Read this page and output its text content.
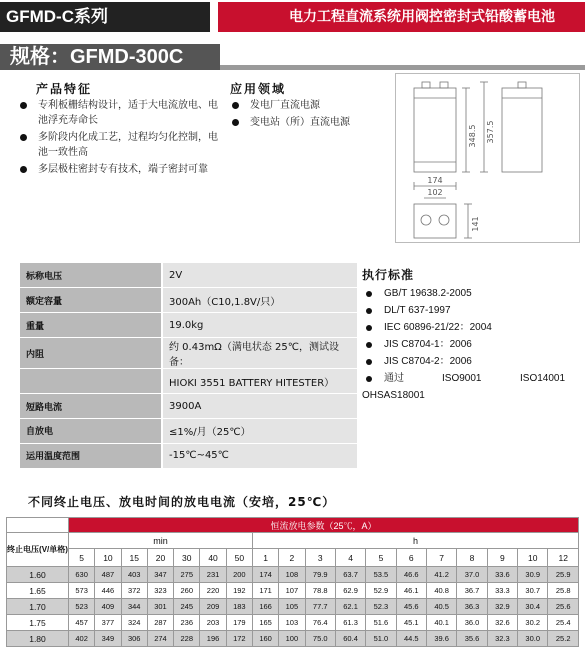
GFMD-C系列	电力工程直流系统用阀控密封式铅酸蓄电池
规格：GFMD-300C
产品特征
专利板栅结构设计，适于大电流放电、电池浮充寿命长
多阶段内化成工艺，过程均匀化控制，电池一致性高
多层极柱密封专有技术，端子密封可靠
应用领域
发电厂直流电源
变电站（所）直流电源
348.5 357.5
174
102
141
标称电压	2V
额定容量	300Ah（C10,1.8V/只）
重量	19.0kg
内阻	约 0.43mΩ（满电状态 25℃，测试设备：
	HIOKI 3551 BATTERY HITESTER）
短路电流	3900A
自放电	≤1%/月（25℃）
运用温度范围	-15℃~45℃
执行标准
GB/T 19638.2-2005
DL/T 637-1997
IEC 60896-21/22：2004
JIS C8704-1：2006
JIS C8704-2：2006
通过	ISO9001	ISO14001
OHSAS18001
不同终止电压、放电时间的放电电流（安培，25℃）
	恒流放电参数（25℃，A）																	
终止电压(V/单格)	min							h										
	5	10	15	20	30	40	50	1	2	3	4	5	6	7	8	9	10	12
1.60	630	487	403	347	275	231	200	174	108	79.9	63.7	53.5	46.6	41.2	37.0	33.6	30.9	25.9
1.65	573	446	372	323	260	220	192	171	107	78.8	62.9	52.9	46.1	40.8	36.7	33.3	30.7	25.8
1.70	523	409	344	301	245	209	183	166	105	77.7	62.1	52.3	45.6	40.5	36.3	32.9	30.4	25.6
1.75	457	377	324	287	236	203	179	165	103	76.4	61.3	51.6	45.1	40.1	36.0	32.6	30.2	25.4
1.80	402	349	306	274	228	196	172	160	100	75.0	60.4	51.0	44.5	39.6	35.6	32.3	30.0	25.2
